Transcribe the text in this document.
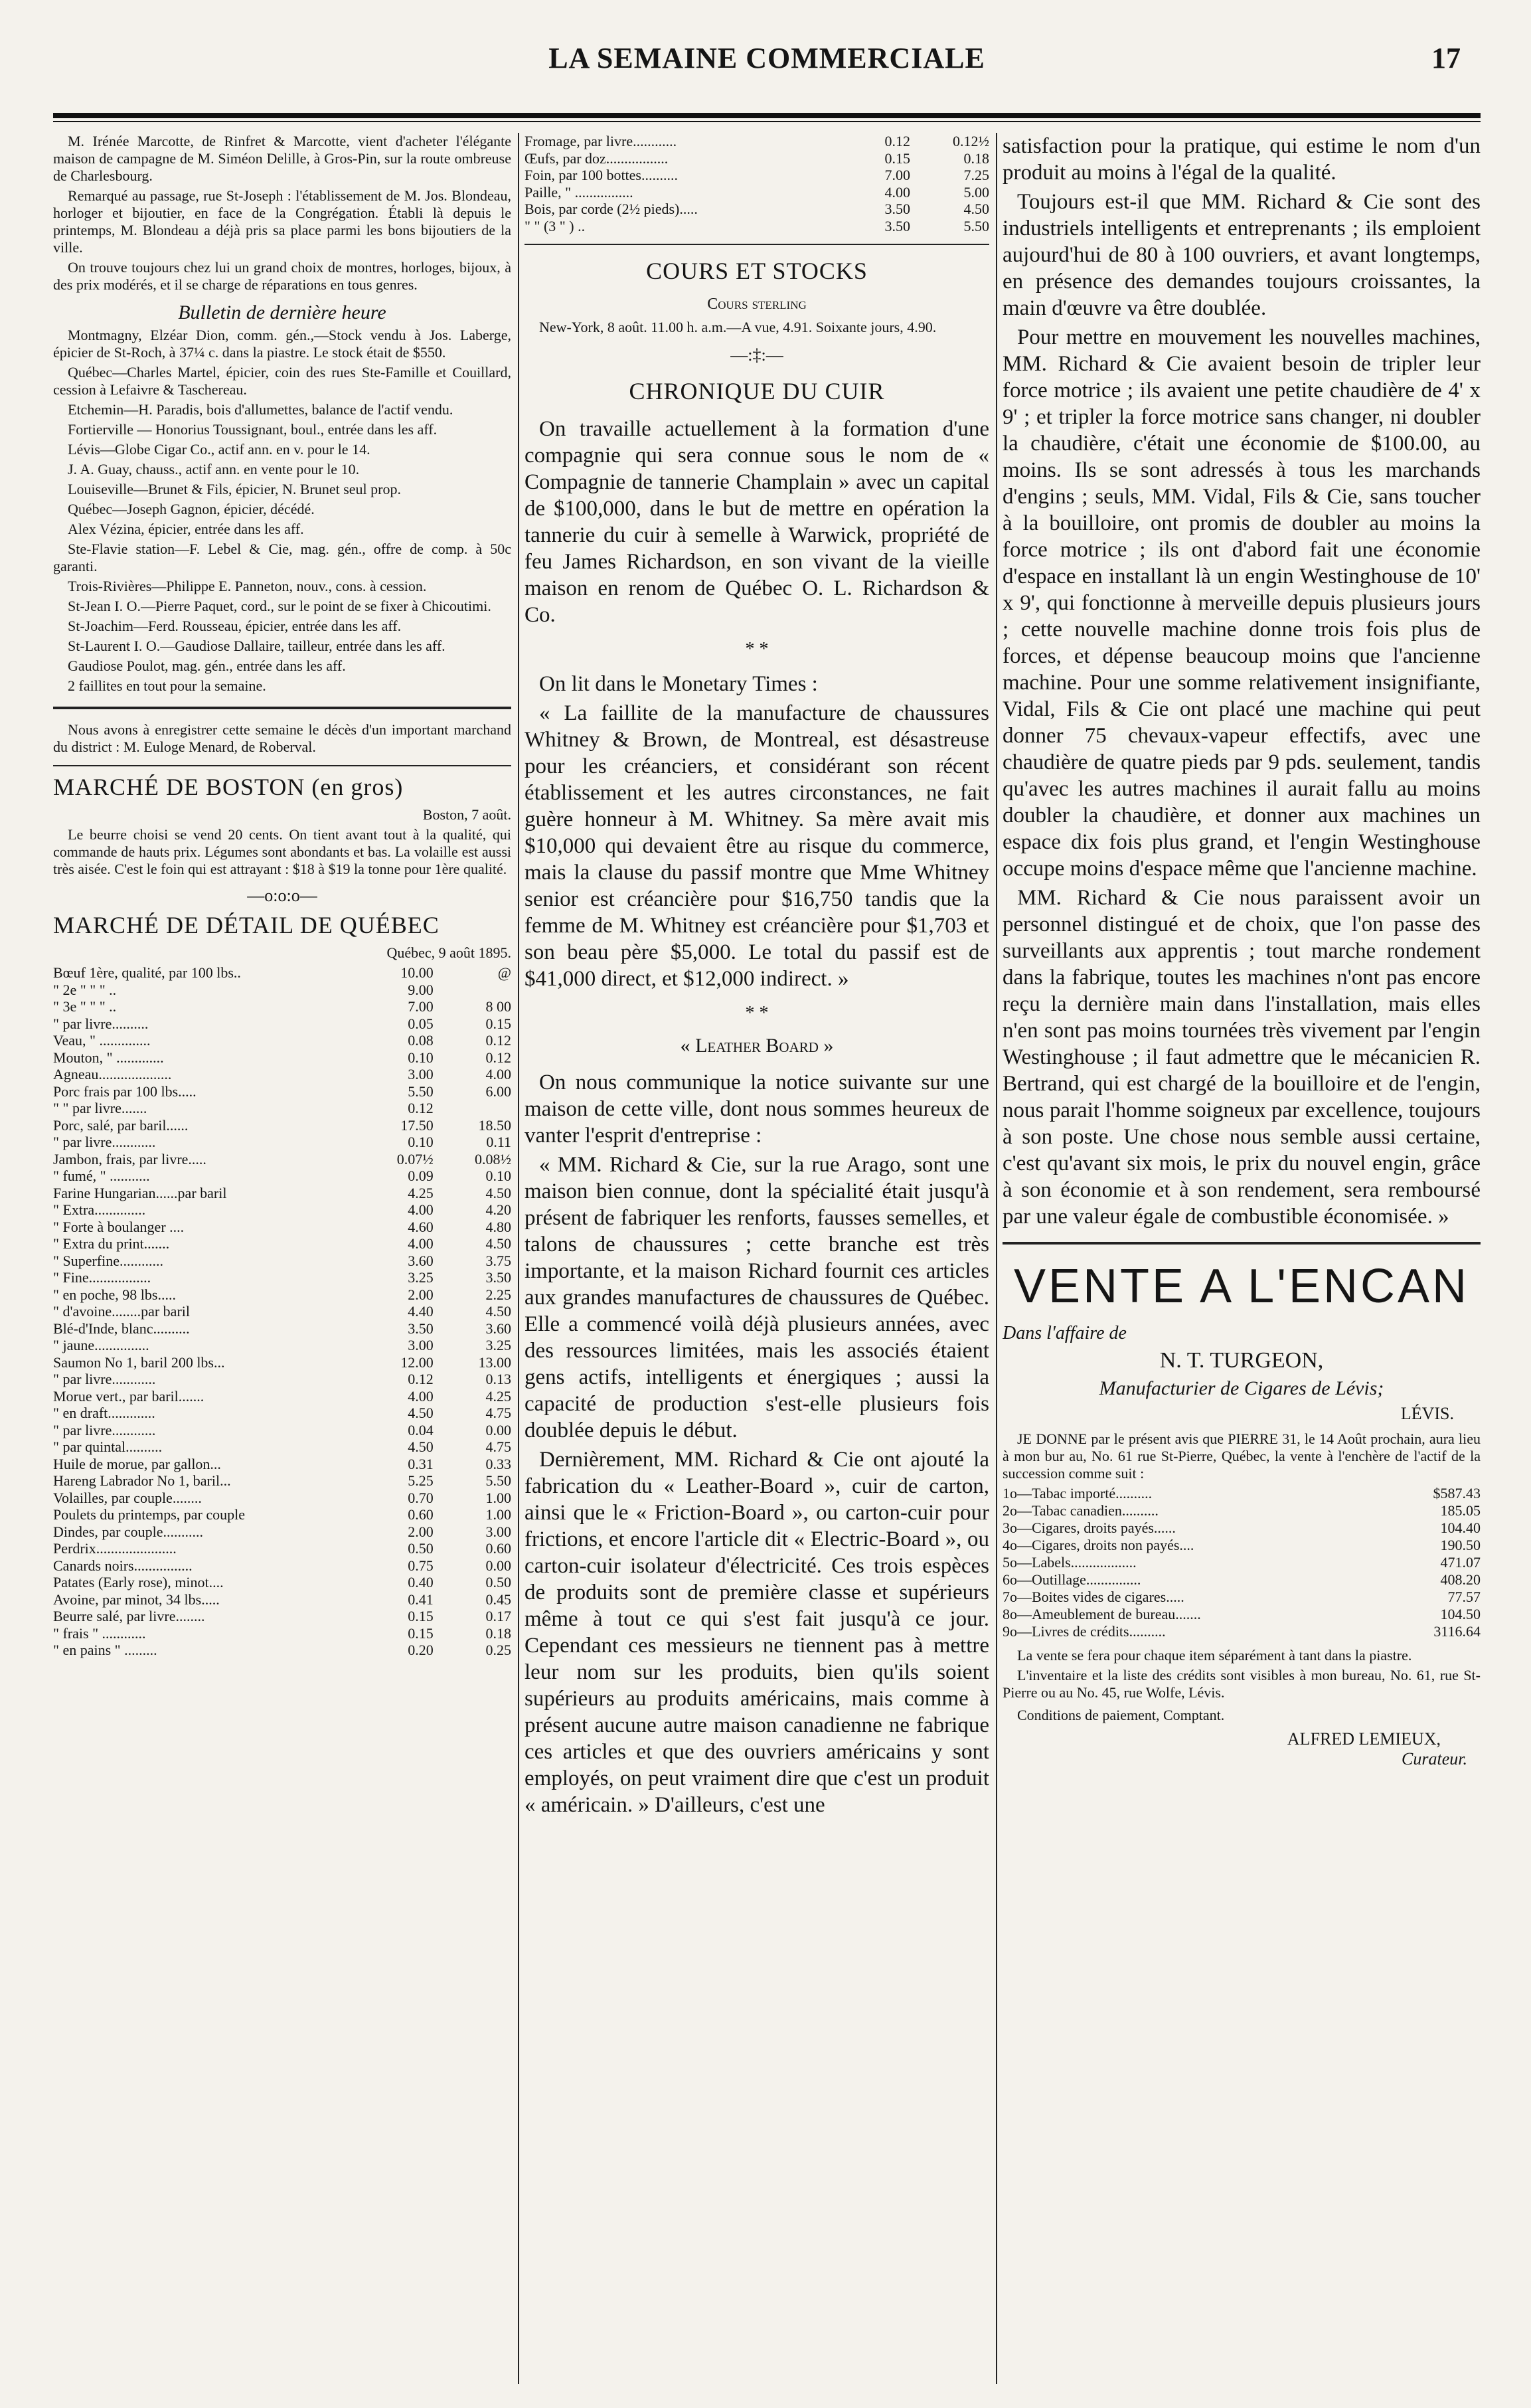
LA SEMAINE COMMERCIALE	17

M. Irénée Marcotte, de Rinfret & Marcotte, vient d'acheter l'élégante maison de campagne de M. Siméon Delille, à Gros-Pin, sur la route ombreuse de Charlesbourg.

Remarqué au passage, rue St-Joseph : l'établissement de M. Jos. Blondeau, horloger et bijoutier, en face de la Congrégation. Établi là depuis le printemps, M. Blondeau a déjà pris sa place parmi les bons bijoutiers de la ville.

On trouve toujours chez lui un grand choix de montres, horloges, bijoux, à des prix modérés, et il se charge de réparations en tous genres.

Bulletin de dernière heure

Montmagny, Elzéar Dion, comm. gén.,—Stock vendu à Jos. Laberge, épicier de St-Roch, à 37¼ c. dans la piastre. Le stock était de $550.

Québec—Charles Martel, épicier, coin des rues Ste-Famille et Couillard, cession à Lefaivre & Taschereau.

Etchemin—H. Paradis, bois d'allumettes, balance de l'actif vendu.

Fortierville — Honorius Toussignant, boul., entrée dans les aff.

Lévis—Globe Cigar Co., actif ann. en v. pour le 14.

J. A. Guay, chauss., actif ann. en vente pour le 10.

Louiseville—Brunet & Fils, épicier, N. Brunet seul prop.

Québec—Joseph Gagnon, épicier, décédé.

Alex Vézina, épicier, entrée dans les aff.

Ste-Flavie station—F. Lebel & Cie, mag. gén., offre de comp. à 50c garanti.

Trois-Rivières—Philippe E. Panneton, nouv., cons. à cession.

St-Jean I. O.—Pierre Paquet, cord., sur le point de se fixer à Chicoutimi.

St-Joachim—Ferd. Rousseau, épicier, entrée dans les aff.

St-Laurent I. O.—Gaudiose Dallaire, tailleur, entrée dans les aff.

Gaudiose Poulot, mag. gén., entrée dans les aff.

2 faillites en tout pour la semaine.

Nous avons à enregistrer cette semaine le décès d'un important marchand du district : M. Euloge Menard, de Roberval.

MARCHÉ DE BOSTON (en gros)

Boston, 7 août.

Le beurre choisi se vend 20 cents. On tient avant tout à la qualité, qui commande de hauts prix. Légumes sont abondants et bas. La volaille est aussi très aisée. C'est le foin qui est attrayant : $18 à $19 la tonne pour 1ère qualité.

—o:o:o—
MARCHÉ DE DÉTAIL DE QUÉBEC

Québec, 9 août 1895.

Bœuf 1ère, qualité, par 100 lbs..	10.00	@
" 2e " " " ..	9.00	
" 3e " " " ..	7.00	8 00
" par livre..........	0.05	0.15
Veau, " ..............	0.08	0.12
Mouton, " .............	0.10	0.12
Agneau....................	3.00	4.00
Porc frais par 100 lbs.....	5.50	6.00
" " par livre.......	0.12	
Porc, salé, par baril......	17.50	18.50
" par livre............	0.10	0.11
Jambon, frais, par livre.....	0.07½	0.08½
" fumé, " ...........	0.09	0.10
Farine Hungarian......par baril	4.25	4.50
" Extra..............	4.00	4.20
" Forte à boulanger ....	4.60	4.80
" Extra du print.......	4.00	4.50
" Superfine............	3.60	3.75
" Fine.................	3.25	3.50
" en poche, 98 lbs.....	2.00	2.25
" d'avoine........par baril	4.40	4.50
Blé-d'Inde, blanc..........	3.50	3.60
" jaune...............	3.00	3.25
Saumon No 1, baril 200 lbs...	12.00	13.00
" par livre............	0.12	0.13
Morue vert., par baril.......	4.00	4.25
" en draft.............	4.50	4.75
" par livre............	0.04	0.00
" par quintal..........	4.50	4.75
Huile de morue, par gallon...	0.31	0.33
Hareng Labrador No 1, baril...	5.25	5.50
Volailles, par couple........	0.70	1.00
Poulets du printemps, par couple	0.60	1.00
Dindes, par couple...........	2.00	3.00
Perdrix......................	0.50	0.60
Canards noirs................	0.75	0.00
Patates (Early rose), minot....	0.40	0.50
Avoine, par minot, 34 lbs.....	0.41	0.45
Beurre salé, par livre........	0.15	0.17
" frais " ............	0.15	0.18
" en pains " .........	0.20	0.25
Fromage, par livre............	0.12	0.12½
Œufs, par doz.................	0.15	0.18
Foin, par 100 bottes..........	7.00	7.25
Paille, " ................	4.00	5.00
Bois, par corde (2½ pieds).....	3.50	4.50
" " (3 " ) ..	3.50	5.50
COURS ET STOCKS
Cours sterling

New-York, 8 août. 11.00 h. a.m.—A vue, 4.91. Soixante jours, 4.90.

—:‡:—
CHRONIQUE DU CUIR

On travaille actuellement à la formation d'une compagnie qui sera connue sous le nom de « Compagnie de tannerie Champlain » avec un capital de $100,000, dans le but de mettre en opération la tannerie du cuir à semelle à Warwick, propriété de feu James Richardson, en son vivant de la vieille maison en renom de Québec O. L. Richardson & Co.

* *

On lit dans le Monetary Times :

« La faillite de la manufacture de chaussures Whitney & Brown, de Montreal, est désastreuse pour les créanciers, et considérant son récent établissement et les autres circonstances, ne fait guère honneur à M. Whitney. Sa mère avait mis $10,000 qui devaient être au risque du commerce, mais la clause du passif montre que Mme Whitney senior est créancière pour $16,750 tandis que la femme de M. Whitney est créancière pour $1,703 et son beau père $5,000. Le total du passif est de $41,000 direct, et $12,000 indirect. »

* *
« Leather Board »

On nous communique la notice suivante sur une maison de cette ville, dont nous sommes heureux de vanter l'esprit d'entreprise :

« MM. Richard & Cie, sur la rue Arago, sont une maison bien connue, dont la spécialité était jusqu'à présent de fabriquer les renforts, fausses semelles, et talons de chaussures ; cette branche est très importante, et la maison Richard fournit ces articles aux grandes manufactures de chaussures de Québec. Elle a commencé voilà déjà plusieurs années, avec des ressources limitées, mais les associés étaient gens actifs, intelligents et énergiques ; aussi la capacité de production s'est-elle plusieurs fois doublée depuis le début.

Dernièrement, MM. Richard & Cie ont ajouté la fabrication du « Leather-Board », cuir de carton, ainsi que le « Friction-Board », ou carton-cuir pour frictions, et encore l'article dit « Electric-Board », ou carton-cuir isolateur d'électricité. Ces trois espèces de produits sont de première classe et supérieurs même à tout ce qui s'est fait jusqu'à ce jour. Cependant ces messieurs ne tiennent pas à mettre leur nom sur les produits, bien qu'ils soient supérieurs au produits américains, mais comme à présent aucune autre maison canadienne ne fabrique ces articles et que des ouvriers américains y sont employés, on peut vraiment dire que c'est un produit « américain. » D'ailleurs, c'est une

satisfaction pour la pratique, qui estime le nom d'un produit au moins à l'égal de la qualité.

Toujours est-il que MM. Richard & Cie sont des industriels intelligents et entreprenants ; ils emploient aujourd'hui de 80 à 100 ouvriers, et avant longtemps, en présence des demandes toujours croissantes, la main d'œuvre va être doublée.

Pour mettre en mouvement les nouvelles machines, MM. Richard & Cie avaient besoin de tripler leur force motrice ; ils avaient une petite chaudière de 4' x 9' ; et tripler la force motrice sans changer, ni doubler la chaudière, c'était une économie de $100.00, au moins. Ils se sont adressés à tous les marchands d'engins ; seuls, MM. Vidal, Fils & Cie, sans toucher à la bouilloire, ont promis de doubler au moins la force motrice ; ils ont d'abord fait une économie d'espace en installant là un engin Westinghouse de 10' x 9', qui fonctionne à merveille depuis plusieurs jours ; cette nouvelle machine donne trois fois plus de forces, et dépense beaucoup moins que l'ancienne machine. Pour une somme relativement insignifiante, Vidal, Fils & Cie ont placé une machine qui peut donner 75 chevaux-vapeur effectifs, avec une chaudière de quatre pieds par 9 pds. seulement, tandis qu'avec les autres machines il aurait fallu au moins doubler la chaudière, et donner aux machines un espace dix fois plus grand, et l'engin Westinghouse occupe moins d'espace même que l'ancienne machine.

MM. Richard & Cie nous paraissent avoir un personnel distingué et de choix, que l'on passe des surveillants aux apprentis ; tout marche rondement dans la fabrique, toutes les machines n'ont pas encore reçu la dernière main dans l'installation, mais elles n'en sont pas moins tournées très vivement par l'engin Westinghouse ; il faut admettre que le mécanicien R. Bertrand, qui est chargé de la bouilloire et de l'engin, nous parait l'homme soigneux par excellence, toujours à son poste. Une chose nous semble aussi certaine, c'est qu'avant six mois, le prix du nouvel engin, grâce à son économie et à son rendement, sera remboursé par une valeur égale de combustible économisée. »

VENTE A L'ENCAN
Dans l'affaire de
N. T. TURGEON,
Manufacturier de Cigares de Lévis;
LÉVIS.

JE DONNE par le présent avis que PIERRE 31, le 14 Août prochain, aura lieu à mon bur au, No. 61 rue St-Pierre, Québec, la vente à l'enchère de l'actif de la succession comme suit :

1o—Tabac importé..........	$587.43
2o—Tabac canadien..........	185.05
3o—Cigares, droits payés......	104.40
4o—Cigares, droits non payés....	190.50
5o—Labels..................	471.07
6o—Outillage...............	408.20
7o—Boites vides de cigares.....	77.57
8o—Ameublement de bureau.......	104.50
9o—Livres de crédits..........	3116.64

La vente se fera pour chaque item séparément à tant dans la piastre.

L'inventaire et la liste des crédits sont visibles à mon bureau, No. 61, rue St-Pierre ou au No. 45, rue Wolfe, Lévis.

Conditions de paiement, Comptant.

ALFRED LEMIEUX,
Curateur.
